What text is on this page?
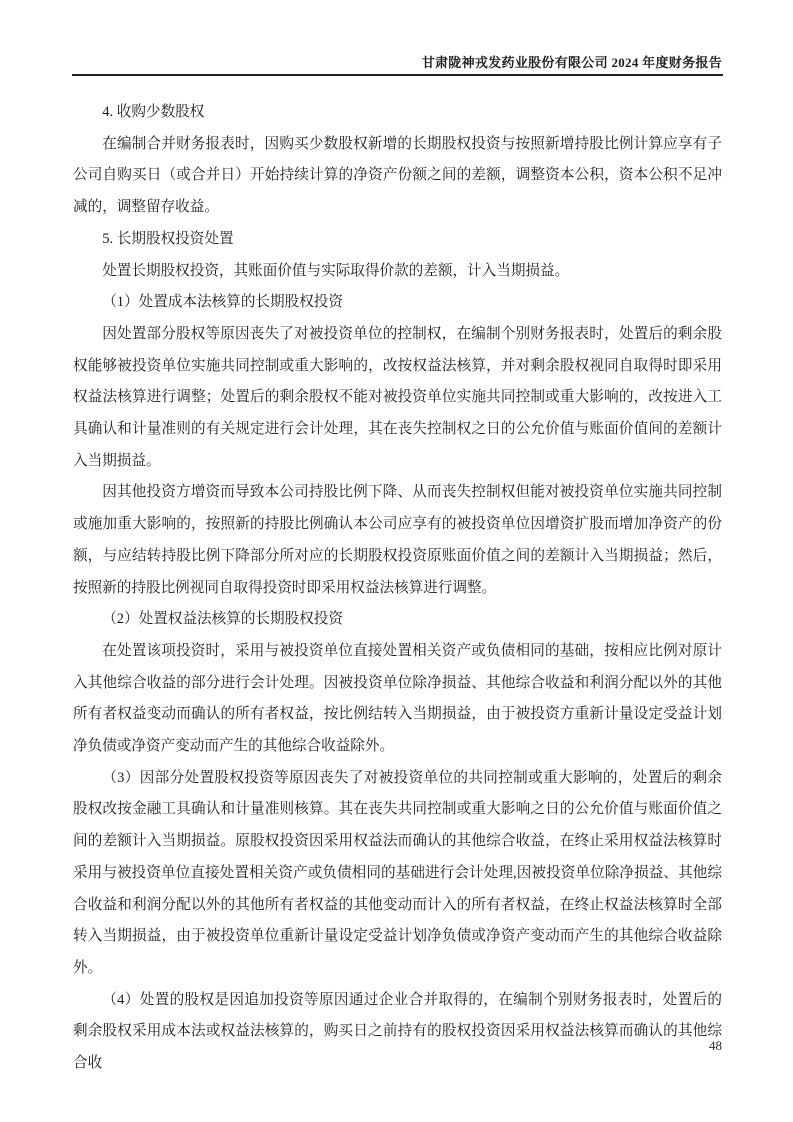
甘肃陇神戎发药业股份有限公司 2024 年度财务报告

4. 收购少数股权

在编制合并财务报表时，因购买少数股权新增的长期股权投资与按照新增持股比例计算应享有子公司自购买日（或合并日）开始持续计算的净资产份额之间的差额，调整资本公积，资本公积不足冲减的，调整留存收益。

5. 长期股权投资处置

处置长期股权投资，其账面价值与实际取得价款的差额，计入当期损益。

（1）处置成本法核算的长期股权投资

因处置部分股权等原因丧失了对被投资单位的控制权，在编制个别财务报表时，处置后的剩余股权能够被投资单位实施共同控制或重大影响的，改按权益法核算，并对剩余股权视同自取得时即采用权益法核算进行调整；处置后的剩余股权不能对被投资单位实施共同控制或重大影响的，改按进入工具确认和计量准则的有关规定进行会计处理，其在丧失控制权之日的公允价值与账面价值间的差额计入当期损益。

因其他投资方增资而导致本公司持股比例下降、从而丧失控制权但能对被投资单位实施共同控制或施加重大影响的，按照新的持股比例确认本公司应享有的被投资单位因增资扩股而增加净资产的份额，与应结转持股比例下降部分所对应的长期股权投资原账面价值之间的差额计入当期损益；然后，按照新的持股比例视同自取得投资时即采用权益法核算进行调整。

（2）处置权益法核算的长期股权投资

在处置该项投资时，采用与被投资单位直接处置相关资产或负债相同的基础，按相应比例对原计入其他综合收益的部分进行会计处理。因被投资单位除净损益、其他综合收益和利润分配以外的其他所有者权益变动而确认的所有者权益，按比例结转入当期损益，由于被投资方重新计量设定受益计划净负债或净资产变动而产生的其他综合收益除外。

（3）因部分处置股权投资等原因丧失了对被投资单位的共同控制或重大影响的，处置后的剩余股权改按金融工具确认和计量准则核算。其在丧失共同控制或重大影响之日的公允价值与账面价值之间的差额计入当期损益。原股权投资因采用权益法而确认的其他综合收益，在终止采用权益法核算时采用与被投资单位直接处置相关资产或负债相同的基础进行会计处理,因被投资单位除净损益、其他综合收益和利润分配以外的其他所有者权益的其他变动而计入的所有者权益，在终止权益法核算时全部转入当期损益，由于被投资单位重新计量设定受益计划净负债或净资产变动而产生的其他综合收益除外。

（4）处置的股权是因追加投资等原因通过企业合并取得的，在编制个别财务报表时，处置后的剩余股权采用成本法或权益法核算的，购买日之前持有的股权投资因采用权益法核算而确认的其他综合收

48
